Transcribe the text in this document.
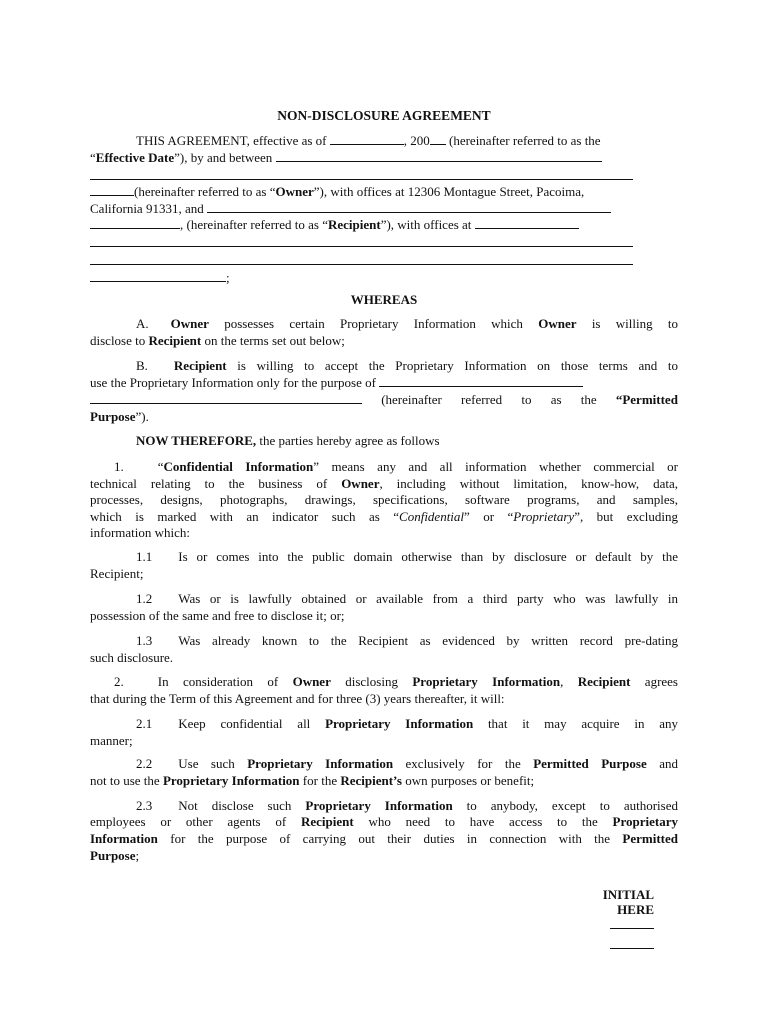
NON-DISCLOSURE AGREEMENT
THIS AGREEMENT, effective as of	, 200 (hereinafter referred to as the
“Effective Date”), by and between
(hereinafter referred to as “Owner”), with offices at 12306 Montague Street, Pacoima,
California 91331, and
, (hereinafter referred to as “Recipient”), with offices at
;
WHEREAS
A. Owner possesses certain Proprietary Information which Owner is willing to
disclose to Recipient on the terms set out below;
B. Recipient is willing to accept the Proprietary Information on those terms and to
use the Proprietary Information only for the purpose of
(hereinafter referred to as the “Permitted
Purpose”).
NOW THEREFORE, the parties hereby agree as follows
1.	“Confidential Information” means any and all information whether commercial or
technical relating to the business of Owner, including without limitation, know-how, data,
processes, designs, photographs, drawings, specifications, software programs, and samples,
which is marked with an indicator such as “Confidential” or “Proprietary”, but excluding
information which:
1.1 Is or comes into the public domain otherwise than by disclosure or default by the
Recipient;
1.2 Was or is lawfully obtained or available from a third party who was lawfully in
possession of the same and free to disclose it; or;
1.3 Was already known to the Recipient as evidenced by written record pre-dating
such disclosure.
2.	In consideration of Owner disclosing Proprietary Information, Recipient agrees
that during the Term of this Agreement and for three (3) years thereafter, it will:
2.1 Keep confidential all Proprietary Information that it may acquire in any
manner;
2.2 Use such Proprietary Information exclusively for the Permitted Purpose and
not to use the Proprietary Information for the Recipient’s own purposes or benefit;
2.3 Not disclose such Proprietary Information to anybody, except to authorised
employees or other agents of Recipient who need to have access to the Proprietary
Information for the purpose of carrying out their duties in connection with the Permitted
Purpose;
INITIAL
HERE
